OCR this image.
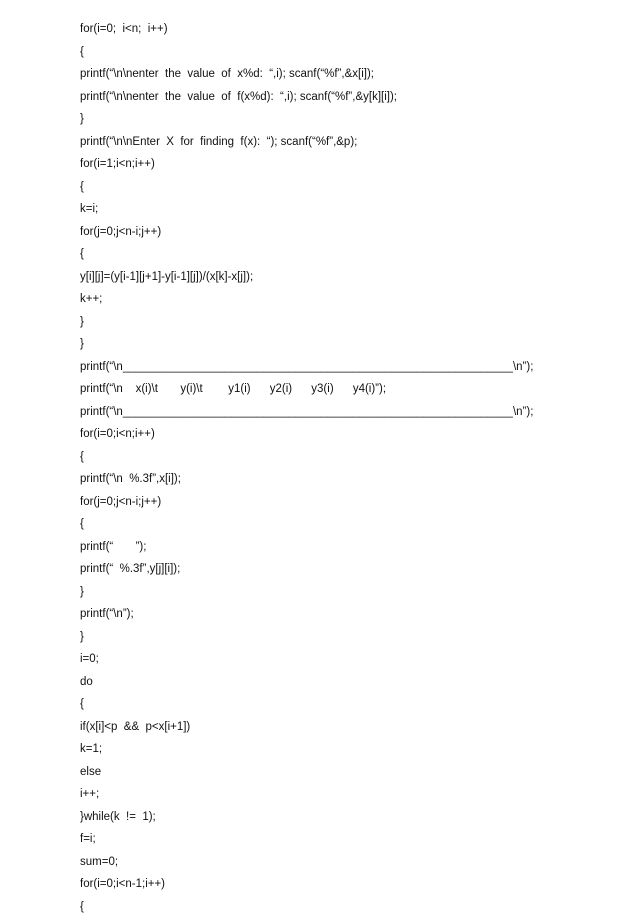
for(i=0;  i<n;  i++)
{
printf(“\n\nenter  the  value  of  x%d:  “,i); scanf(“%f”,&x[i]);
printf(“\n\nenter  the  value  of  f(x%d):  “,i); scanf(“%f”,&y[k][i]);
}
printf(“\n\nEnter  X  for  finding  f(x):  “); scanf(“%f”,&p);
for(i=1;i<n;i++)
{
k=i;
for(j=0;j<n-i;j++)
{
y[i][j]=(y[i-1][j+1]-y[i-1][j])/(x[k]-x[j]);
k++;
}
}
printf(“\n_____________________________________________________________\n”);
printf(“\n    x(i)\t       y(i)\t        y1(i)      y2(i)      y3(i)      y4(i)”);
printf(“\n_____________________________________________________________\n”);
for(i=0;i<n;i++)
{
printf(“\n  %.3f”,x[i]);
for(j=0;j<n-i;j++)
{
printf(“       ”);
printf(“  %.3f”,y[j][i]);
}
printf(“\n”);
}
i=0;
do
{
if(x[i]<p  &&  p<x[i+1])
k=1;
else
i++;
}while(k  !=  1);
f=i;
sum=0;
for(i=0;i<n-1;i++)
{
